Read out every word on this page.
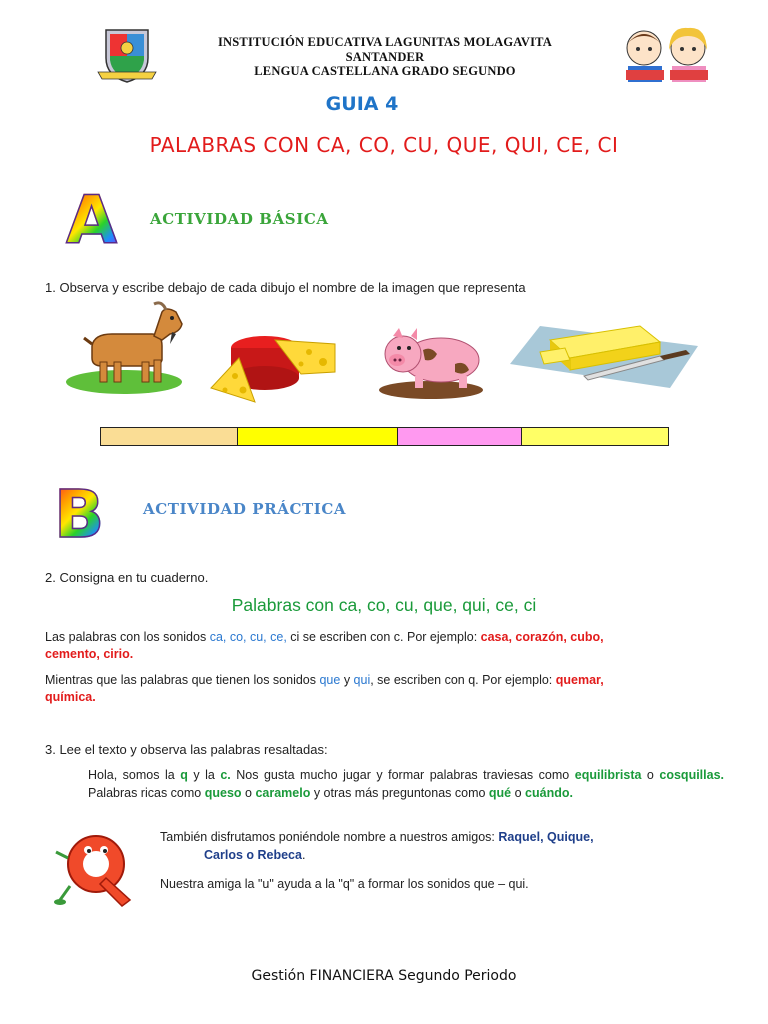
INSTITUCIÓN EDUCATIVA LAGUNITAS MOLAGAVITA
SANTANDER
LENGUA CASTELLANA GRADO SEGUNDO
GUIA 4
PALABRAS CON CA, CO, CU, QUE, QUI, CE, CI
A ACTIVIDAD BÁSICA
1. Observa y escribe debajo de cada dibujo el nombre de la imagen que representa
B	ACTIVIDAD PRÁCTICA
2. Consigna en tu cuaderno.
Palabras con ca, co, cu, que, qui, ce, ci
Las palabras con los sonidos ca, co, cu, ce, ci se escriben con c. Por ejemplo: casa, corazón, cubo,
cemento, cirio.
Mientras que las palabras que tienen los sonidos que y qui, se escriben con q. Por ejemplo: quemar,
química.
3. Lee el texto y observa las palabras resaltadas:
Hola, somos la q y la c. Nos gusta mucho jugar y formar palabras traviesas como equilibrista o cosquillas. Palabras ricas como queso o caramelo y otras más preguntonas como qué o cuándo.
También disfrutamos poniéndole nombre a nuestros amigos: Raquel, Quique,
Carlos o Rebeca.
Nuestra amiga la "u" ayuda a la "q" a formar los sonidos que – qui.
Gestión FINANCIERA Segundo Periodo
